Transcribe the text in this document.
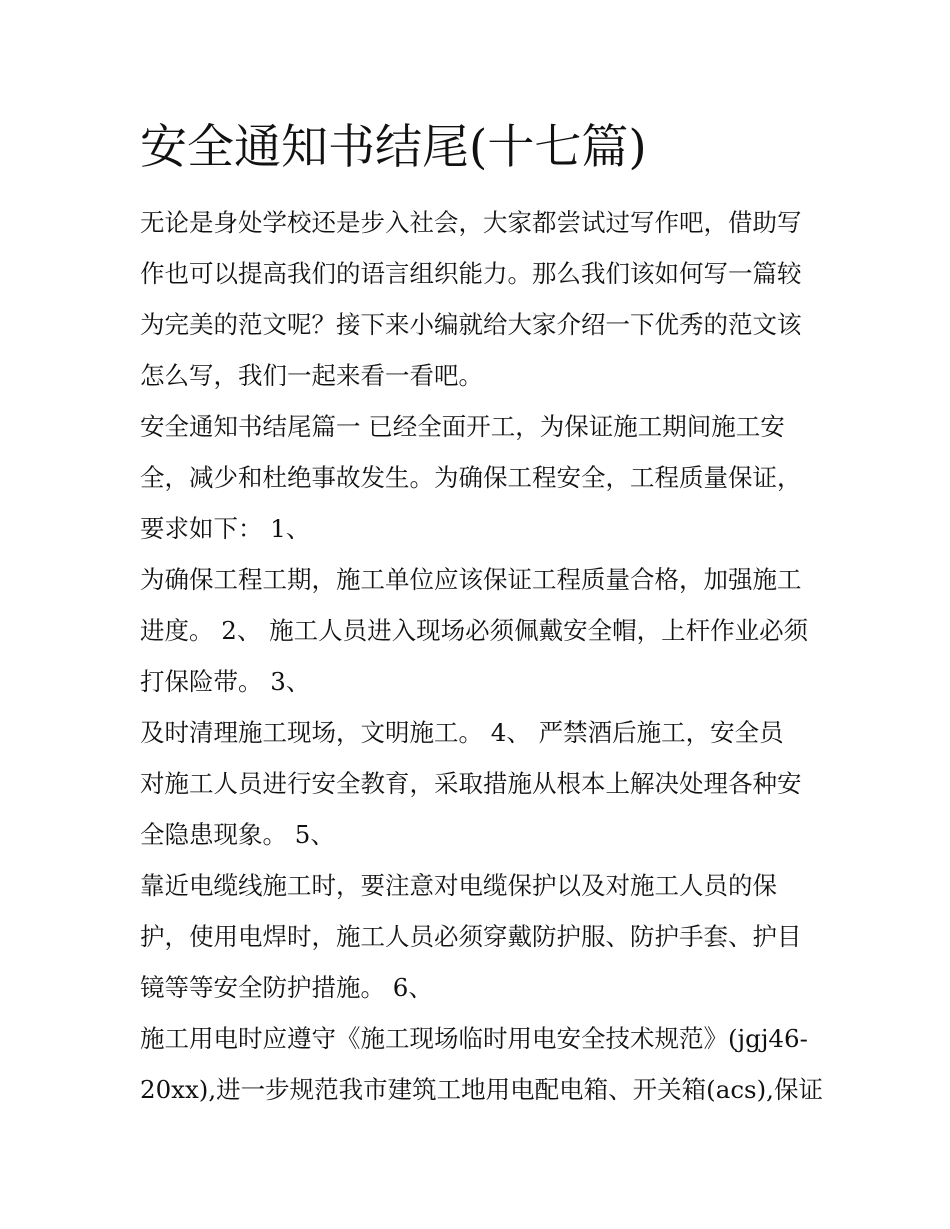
安全通知书结尾(十七篇)

无论是身处学校还是步入社会，大家都尝试过写作吧，借助写

作也可以提高我们的语言组织能力。那么我们该如何写一篇较

为完美的范文呢？接下来小编就给大家介绍一下优秀的范文该

怎么写，我们一起来看一看吧。

安全通知书结尾篇一 已经全面开工，为保证施工期间施工安

全，减少和杜绝事故发生。为确保工程安全，工程质量保证，

要求如下： 1、

为确保工程工期，施工单位应该保证工程质量合格，加强施工

进度。 2、 施工人员进入现场必须佩戴安全帽，上杆作业必须

打保险带。 3、

及时清理施工现场，文明施工。 4、 严禁酒后施工，安全员

对施工人员进行安全教育，采取措施从根本上解决处理各种安

全隐患现象。 5、

靠近电缆线施工时，要注意对电缆保护以及对施工人员的保

护，使用电焊时，施工人员必须穿戴防护服、防护手套、护目

镜等等安全防护措施。 6、

施工用电时应遵守《施工现场临时用电安全技术规范》(jgj46-

20xx),进一步规范我市建筑工地用电配电箱、开关箱(acs),保证
